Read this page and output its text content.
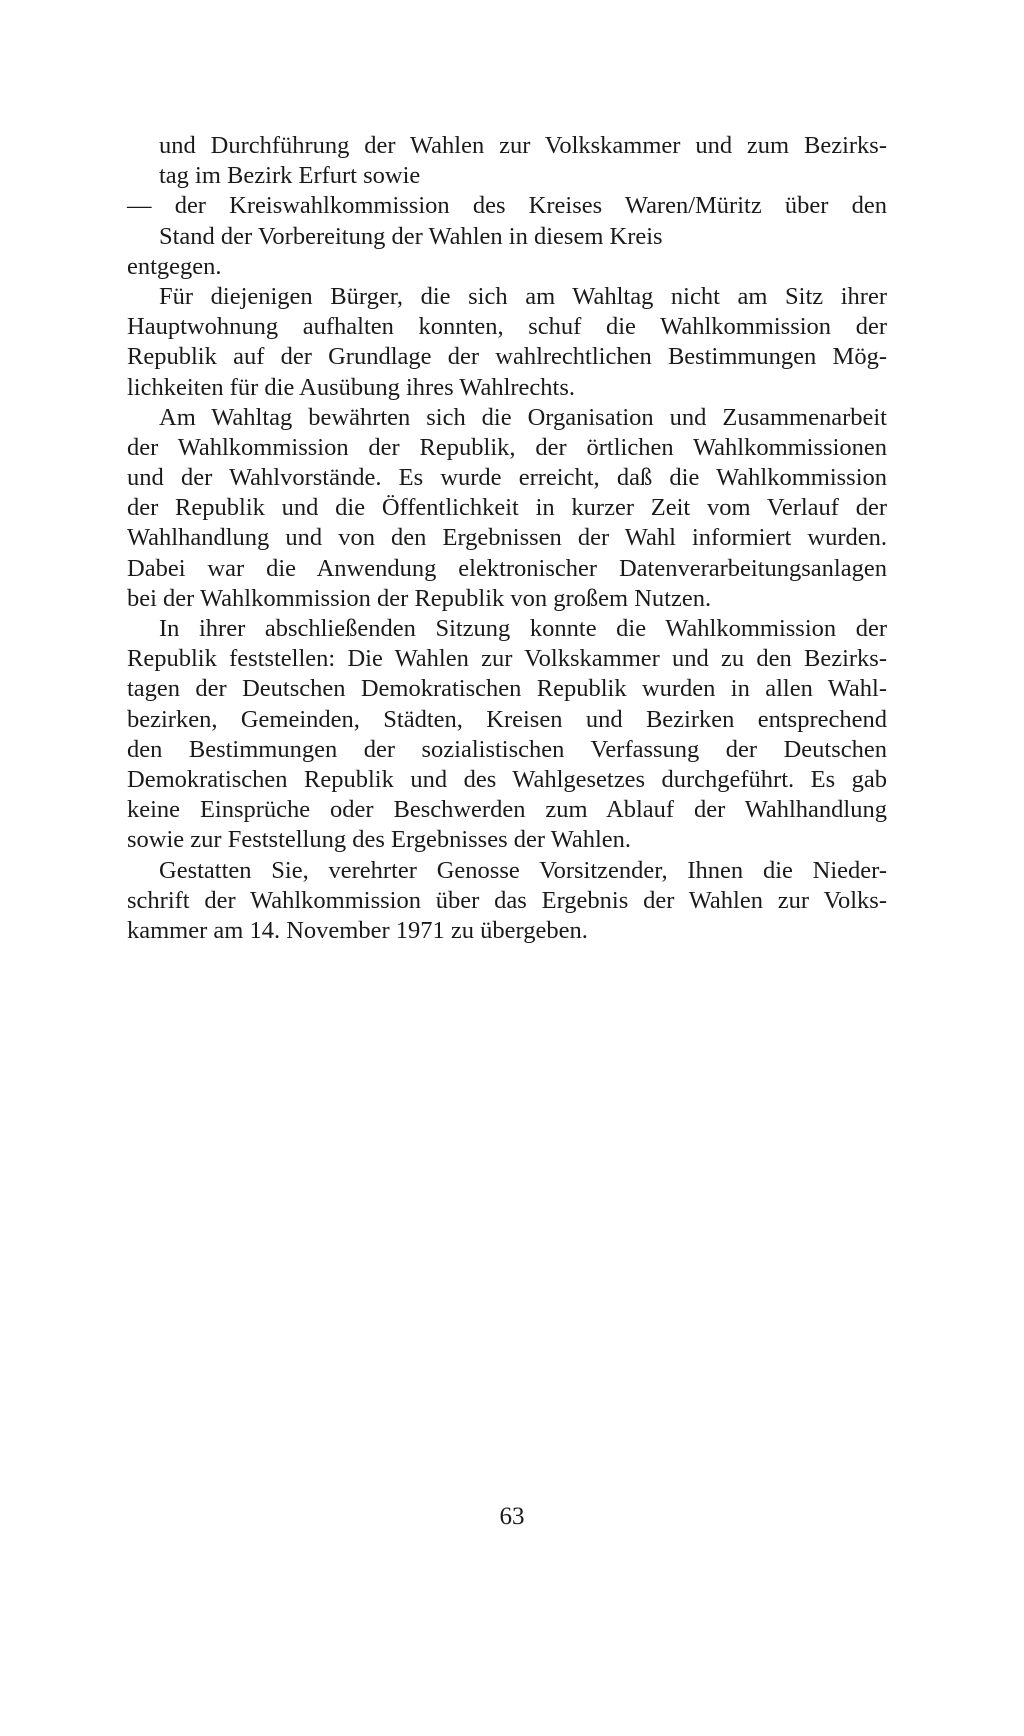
und Durchführung der Wahlen zur Volkskammer und zum Bezirks-
tag im Bezirk Erfurt sowie
— der Kreiswahlkommission des Kreises Waren/Müritz über den
Stand der Vorbereitung der Wahlen in diesem Kreis
entgegen.
Für diejenigen Bürger, die sich am Wahltag nicht am Sitz ihrer
Hauptwohnung aufhalten konnten, schuf die Wahlkommission der
Republik auf der Grundlage der wahlrechtlichen Bestimmungen Mög-
lichkeiten für die Ausübung ihres Wahlrechts.
Am Wahltag bewährten sich die Organisation und Zusammenarbeit
der Wahlkommission der Republik, der örtlichen Wahlkommissionen
und der Wahlvorstände. Es wurde erreicht, daß die Wahlkommission
der Republik und die Öffentlichkeit in kurzer Zeit vom Verlauf der
Wahlhandlung und von den Ergebnissen der Wahl informiert wurden.
Dabei war die Anwendung elektronischer Datenverarbeitungsanlagen
bei der Wahlkommission der Republik von großem Nutzen.
In ihrer abschließenden Sitzung konnte die Wahlkommission der
Republik feststellen: Die Wahlen zur Volkskammer und zu den Bezirks-
tagen der Deutschen Demokratischen Republik wurden in allen Wahl-
bezirken, Gemeinden, Städten, Kreisen und Bezirken entsprechend
den Bestimmungen der sozialistischen Verfassung der Deutschen
Demokratischen Republik und des Wahlgesetzes durchgeführt. Es gab
keine Einsprüche oder Beschwerden zum Ablauf der Wahlhandlung
sowie zur Feststellung des Ergebnisses der Wahlen.
Gestatten Sie, verehrter Genosse Vorsitzender, Ihnen die Nieder-
schrift der Wahlkommission über das Ergebnis der Wahlen zur Volks-
kammer am 14. November 1971 zu übergeben.
63
